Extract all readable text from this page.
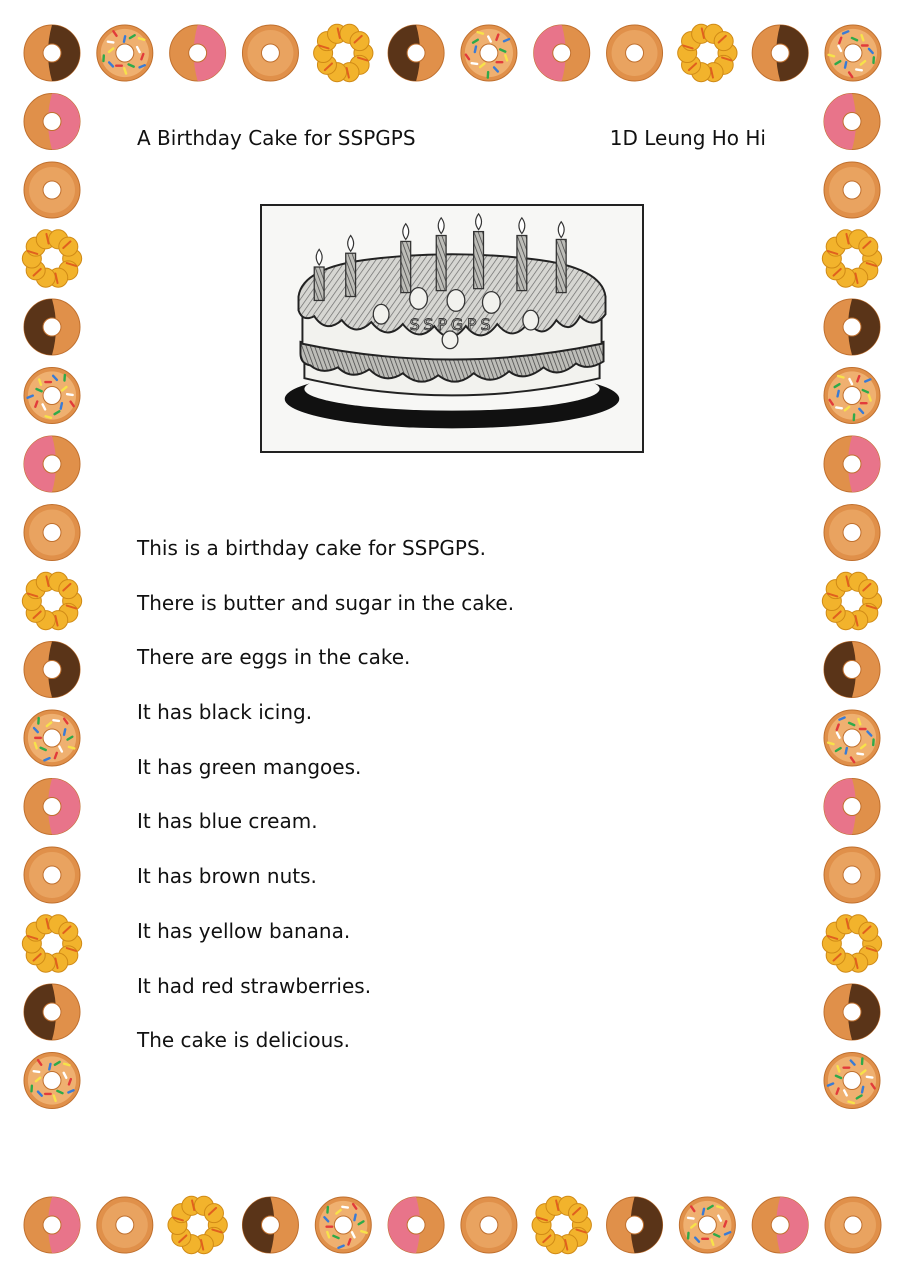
A Birthday Cake for SSPGPS	1D Leung Ho Hi
SSPGPS
This is a birthday cake for SSPGPS.
There is butter and sugar in the cake.
There are eggs in the cake.
It has black icing.
It has green mangoes.
It has blue cream.
It has brown nuts.
It has yellow banana.
It had red strawberries.
The cake is delicious.
